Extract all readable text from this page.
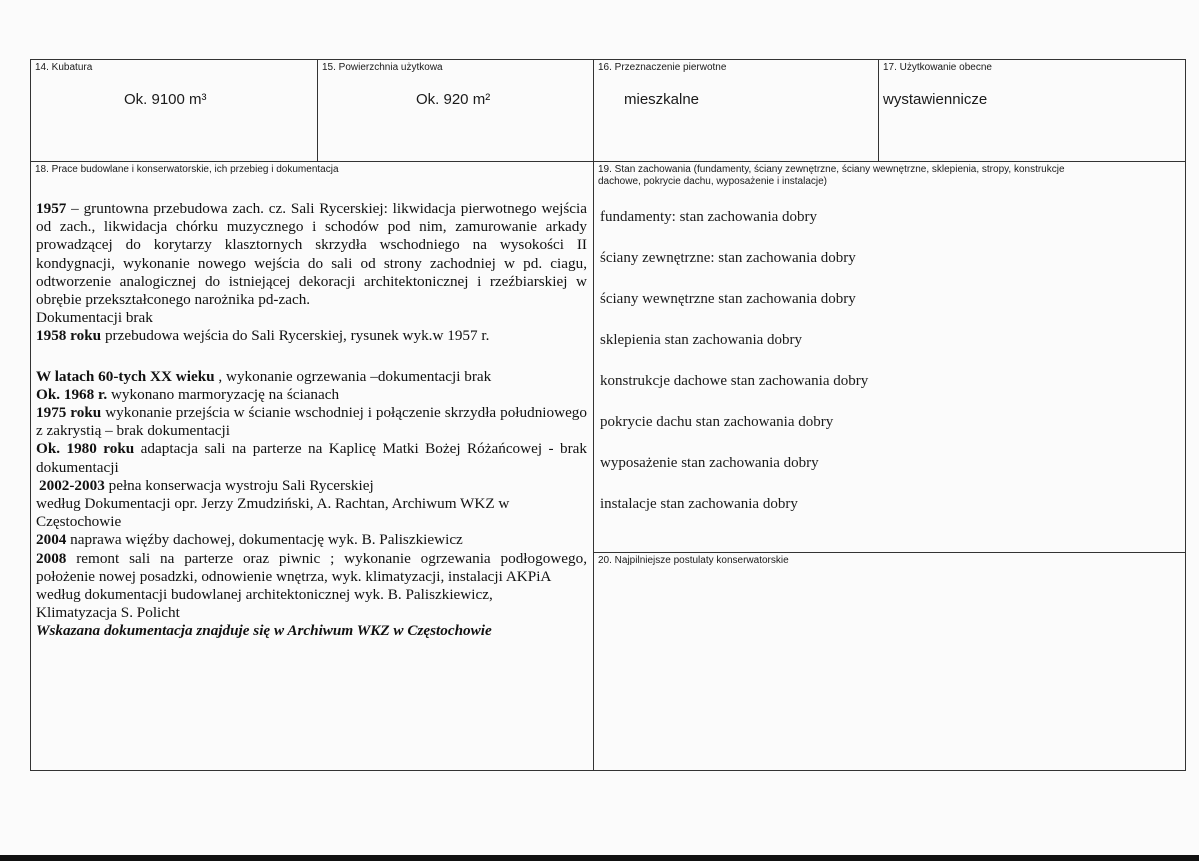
14. Kubatura
Ok. 9100 m³
15. Powierzchnia użytkowa
Ok. 920 m²
16. Przeznaczenie pierwotne
mieszkalne
17. Użytkowanie obecne
wystawiennicze
18. Prace budowlane i konserwatorskie, ich przebieg i dokumentacja
1957 – gruntowna przebudowa zach. cz. Sali Rycerskiej: likwidacja pierwotnego wejścia od zach., likwidacja chórku muzycznego i schodów pod nim, zamurowanie arkady prowadzącej do korytarzy klasztornych skrzydła wschodniego na wysokości II kondygnacji, wykonanie nowego wejścia do sali od strony zachodniej w pd. ciagu, odtworzenie analogicznej do istniejącej dekoracji architektonicznej i rzeźbiarskiej w obrębie przekształconego narożnika pd-zach.
Dokumentacji brak
1958 roku przebudowa wejścia do Sali Rycerskiej, rysunek wyk.w 1957 r.
W latach 60-tych XX wieku , wykonanie ogrzewania –dokumentacji brak
Ok. 1968 r. wykonano marmoryzację na ścianach
1975 roku wykonanie przejścia w ścianie wschodniej i połączenie skrzydła południowego z zakrystią – brak dokumentacji
Ok. 1980 roku adaptacja sali na parterze na Kaplicę Matki Bożej Różańcowej - brak dokumentacji
2002-2003 pełna konserwacja wystroju Sali Rycerskiej
według Dokumentacji opr. Jerzy Zmudziński, A. Rachtan, Archiwum WKZ w Częstochowie
2004 naprawa więźby dachowej, dokumentację wyk. B. Paliszkiewicz
2008 remont sali na parterze oraz piwnic ; wykonanie ogrzewania podłogowego, położenie nowej posadzki, odnowienie wnętrza, wyk. klimatyzacji, instalacji AKPiA
według dokumentacji budowlanej architektonicznej wyk. B. Paliszkiewicz, Klimatyzacja S. Policht
Wskazana dokumentacja znajduje się w Archiwum WKZ w Częstochowie
19. Stan zachowania (fundamenty, ściany zewnętrzne, ściany wewnętrzne, sklepienia, stropy, konstrukcje dachowe, pokrycie dachu, wyposażenie i instalacje)
fundamenty: stan zachowania dobry
ściany zewnętrzne: stan zachowania dobry
ściany wewnętrzne stan zachowania dobry
sklepienia stan zachowania dobry
konstrukcje dachowe stan zachowania dobry
pokrycie dachu stan zachowania dobry
wyposażenie stan zachowania dobry
instalacje stan zachowania dobry
20. Najpilniejsze postulaty konserwatorskie
